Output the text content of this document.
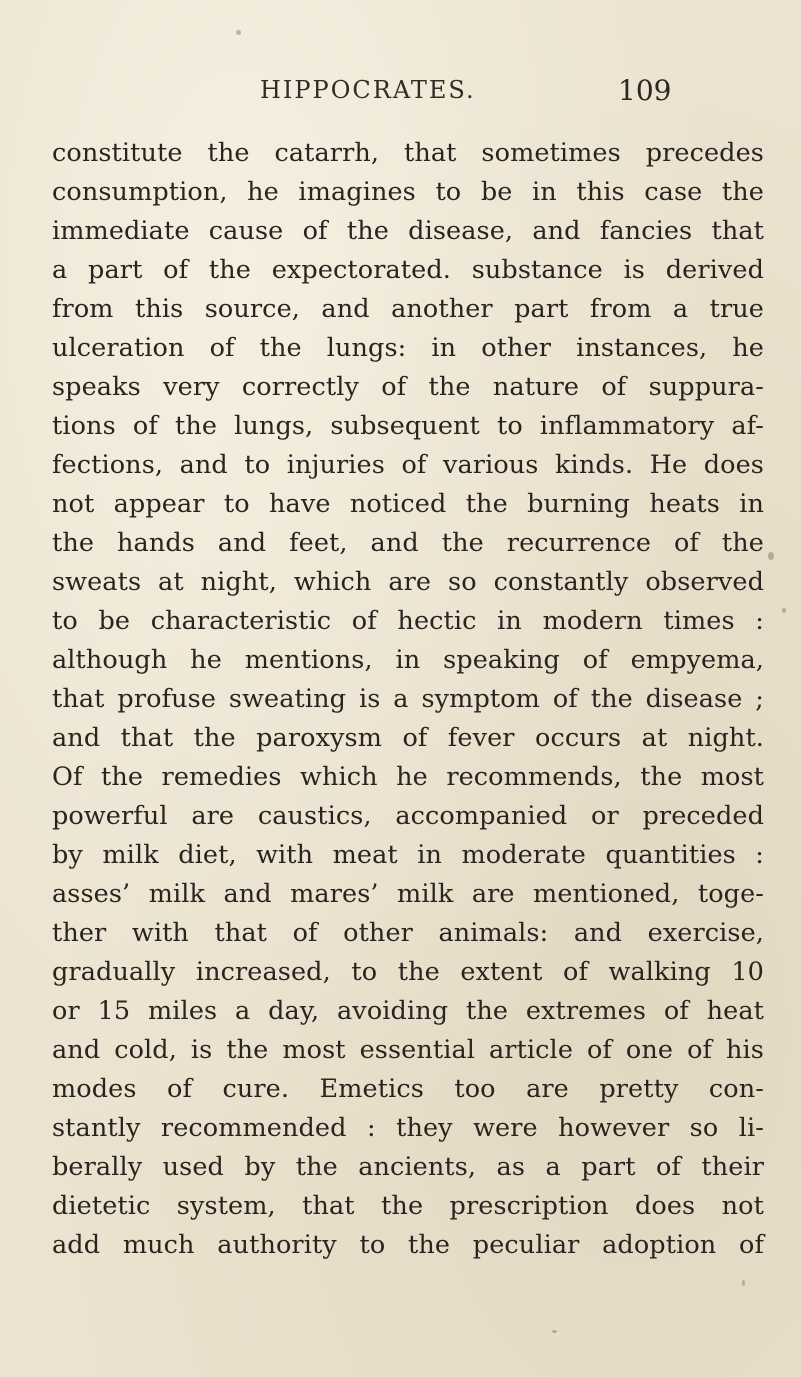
HIPPOCRATES.	109
constitute the catarrh, that sometimes precedes
consumption, he imagines to be in this case the
immediate cause of the disease, and fancies that
a part of the expectorated. substance is derived
from this source, and another part from a true
ulceration of the lungs: in other instances, he
speaks very correctly of the nature of suppura-
tions of the lungs, subsequent to inflammatory af-
fections, and to injuries of various kinds. He does
not appear to have noticed the burning heats in
the hands and feet, and the recurrence of the
sweats at night, which are so constantly observed
to be characteristic of hectic in modern times :
although he mentions, in speaking of empyema,
that profuse sweating is a symptom of the disease ;
and that the paroxysm of fever occurs at night.
Of the remedies which he recommends, the most
powerful are caustics, accompanied or preceded
by milk diet, with meat in moderate quantities :
asses’ milk and mares’ milk are mentioned, toge-
ther with that of other animals: and exercise,
gradually increased, to the extent of walking 10
or 15 miles a day, avoiding the extremes of heat
and cold, is the most essential article of one of his
modes of cure. Emetics too are pretty con-
stantly recommended : they were however so li-
berally used by the ancients, as a part of their
dietetic system, that the prescription does not
add much authority to the peculiar adoption of
